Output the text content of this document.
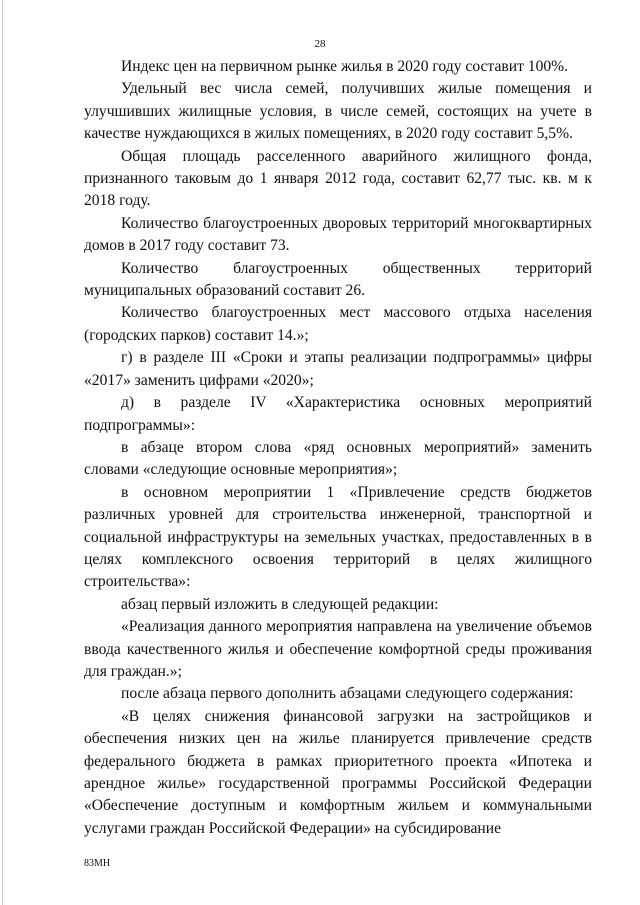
28

Индекс цен на первичном рынке жилья в 2020 году составит 100%.

Удельный вес числа семей, получивших жилые помещения и улучшивших жилищные условия, в числе семей, состоящих на учете в качестве нуждающихся в жилых помещениях, в 2020 году составит 5,5%.

Общая площадь расселенного аварийного жилищного фонда, признанного таковым до 1 января 2012 года, составит 62,77 тыс. кв. м к 2018 году.

Количество благоустроенных дворовых территорий многоквартирных домов в 2017 году составит 73.

Количество благоустроенных общественных территорий муниципальных образований составит 26.

Количество благоустроенных мест массового отдыха населения (городских парков) составит 14.»;

г) в разделе III «Сроки и этапы реализации подпрограммы» цифры «2017» заменить цифрами «2020»;

д) в разделе IV «Характеристика основных мероприятий подпрограммы»:

в абзаце втором слова «ряд основных мероприятий» заменить словами «следующие основные мероприятия»;

в основном мероприятии 1 «Привлечение средств бюджетов различных уровней для строительства инженерной, транспортной и социальной инфраструктуры на земельных участках, предоставленных в в целях комплексного освоения территорий в целях жилищного строительства»:

абзац первый изложить в следующей редакции:

«Реализация данного мероприятия направлена на увеличение объемов ввода качественного жилья и обеспечение комфортной среды проживания для граждан.»;

после абзаца первого дополнить абзацами следующего содержания:

«В целях снижения финансовой загрузки на застройщиков и обеспечения низких цен на жилье планируется привлечение средств федерального бюджета в рамках приоритетного проекта «Ипотека и арендное жилье» государственной программы Российской Федерации «Обеспечение доступным и комфортным жильем и коммунальными услугами граждан Российской Федерации» на субсидирование

83МН
